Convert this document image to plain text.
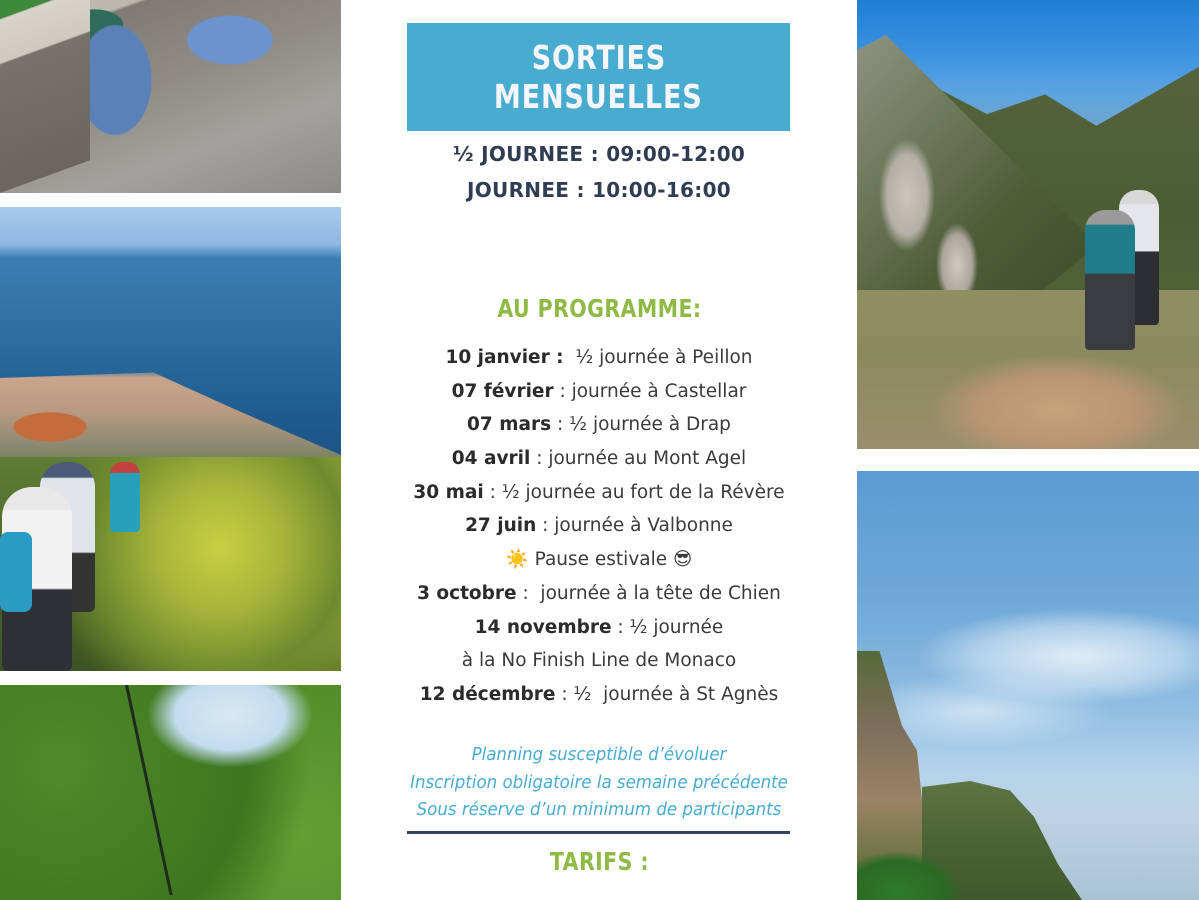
SORTIES
MENSUELLES
½ JOURNEE : 09:00-12:00
JOURNEE : 10:00-16:00
AU PROGRAMME:
10 janvier :  ½ journée à Peillon
07 février : journée à Castellar
07 mars : ½ journée à Drap
04 avril : journée au Mont Agel
30 mai : ½ journée au fort de la Révère
27 juin : journée à Valbonne
☀️ Pause estivale 😎
3 octobre :  journée à la tête de Chien
14 novembre : ½ journée
à la No Finish Line de Monaco
12 décembre : ½  journée à St Agnès
Planning susceptible d’évoluer
Inscription obligatoire la semaine précédente
Sous réserve d’un minimum de participants
TARIFS :
